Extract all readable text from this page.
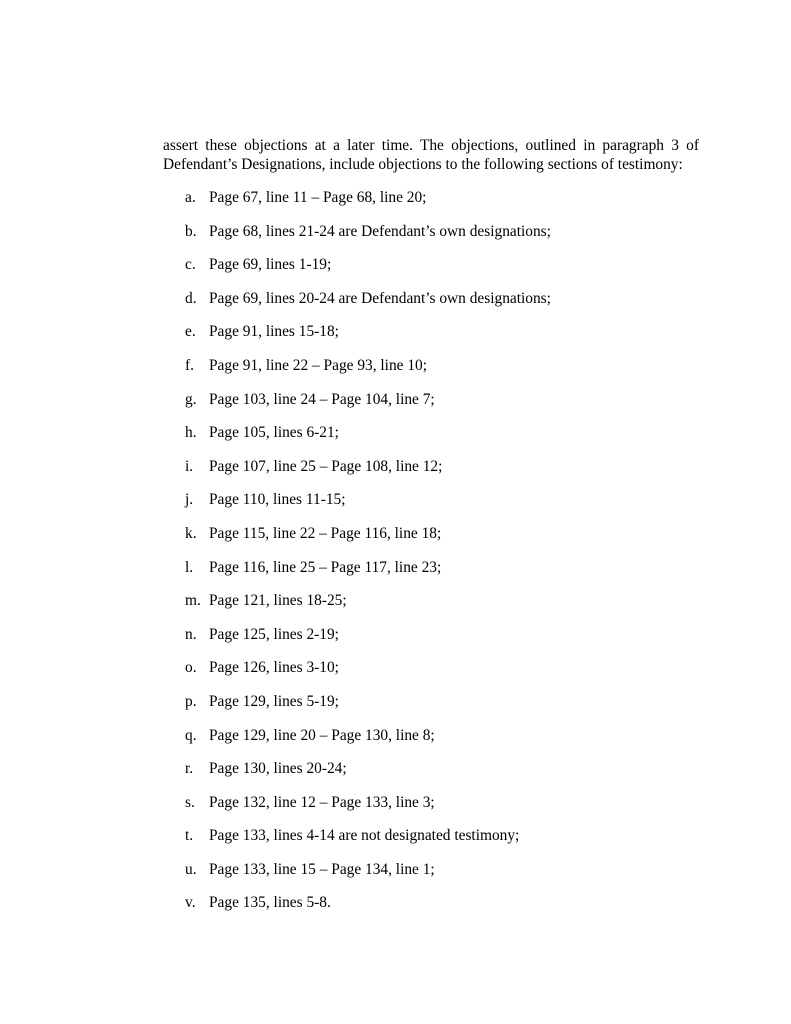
assert these objections at a later time. The objections, outlined in paragraph 3 of
Defendant’s Designations, include objections to the following sections of testimony:

a. Page 67, line 11 – Page 68, line 20;
b. Page 68, lines 21-24 are Defendant’s own designations;
c. Page 69, lines 1-19;
d. Page 69, lines 20-24 are Defendant’s own designations;
e. Page 91, lines 15-18;
f. Page 91, line 22 – Page 93, line 10;
g. Page 103, line 24 – Page 104, line 7;
h. Page 105, lines 6-21;
i. Page 107, line 25 – Page 108, line 12;
j. Page 110, lines 11-15;
k. Page 115, line 22 – Page 116, line 18;
l. Page 116, line 25 – Page 117, line 23;
m. Page 121, lines 18-25;
n. Page 125, lines 2-19;
o. Page 126, lines 3-10;
p. Page 129, lines 5-19;
q. Page 129, line 20 – Page 130, line 8;
r. Page 130, lines 20-24;
s. Page 132, line 12 – Page 133, line 3;
t. Page 133, lines 4-14 are not designated testimony;
u. Page 133, line 15 – Page 134, line 1;
v. Page 135, lines 5-8.
